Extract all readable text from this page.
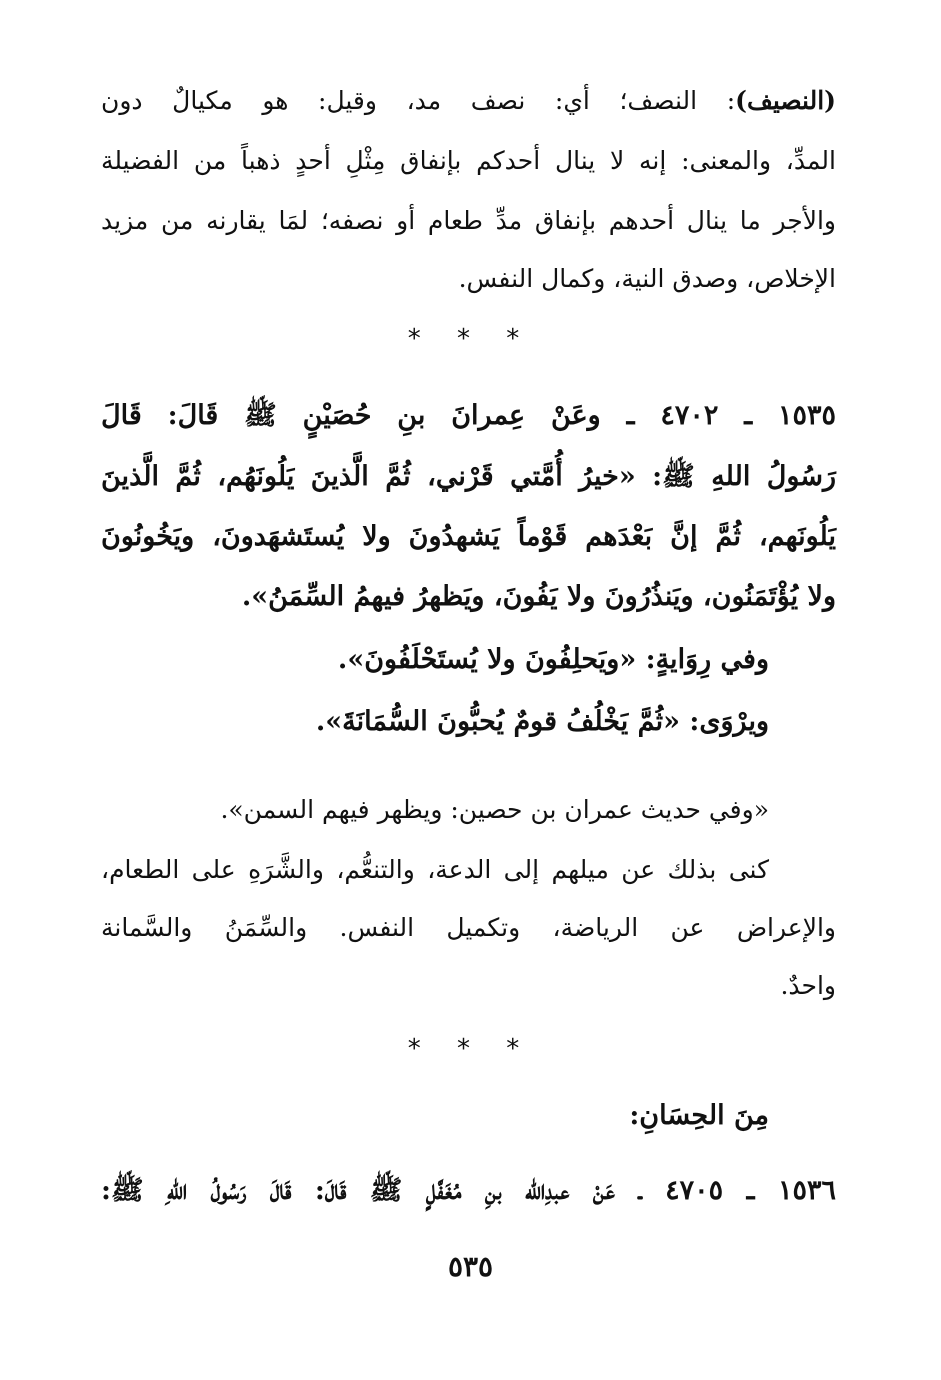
(النصيف): النصف؛ أي: نصف مد، وقيل: هو مكيالٌ دون
المدِّ، والمعنى: إنه لا ينال أحدكم بإنفاق مِثْلِ أحدٍ ذهباً من الفضيلة
والأجر ما ينال أحدهم بإنفاق مدِّ طعام أو نصفه؛ لمَا يقارنه من مزيد
الإخلاص، وصدق النية، وكمال النفس.
* * *
١٥٣٥ ـ ٤٧٠٢ ـ وعَنْ عِمرانَ بنِ حُصَيْنٍ ﷺ قَالَ: قَالَ
رَسُولُ اللهِ ﷺ: «خيرُ أُمَّتي قَرْني، ثُمَّ الَّذينَ يَلُونَهُم، ثُمَّ الَّذينَ
يَلُونَهم، ثُمَّ إنَّ بَعْدَهم قَوْماً يَشهدُونَ ولا يُستَشهَدونَ، ويَخُونُونَ
ولا يُؤْتَمَنُون، ويَنذُرُونَ ولا يَفُونَ، ويَظهرُ فيهمُ السِّمَنُ».
وفي رِوَايةٍ: «ويَحلِفُونَ ولا يُستَحْلَفُونَ».
ويرْوَى: «ثُمَّ يَخْلُفُ قومٌ يُحبُّونَ السُّمَانَةَ».
«وفي حديث عمران بن حصين: ويظهر فيهم السمن».
كنى بذلك عن ميلهم إلى الدعة، والتنعُّم، والشَّرَهِ على الطعام،
والإعراض عن الرياضة، وتكميل النفس. والسِّمَنُ والسَّمانة
واحدٌ.
* * *
مِنَ الحِسَانِ:
١٥٣٦ ـ ٤٧٠٥ ـ عَنْ عبدِالله بنِ مُغَفَّلٍ ﷺ قَالَ: قَالَ رَسُولُ اللهِ ﷺ:
٥٣٥
